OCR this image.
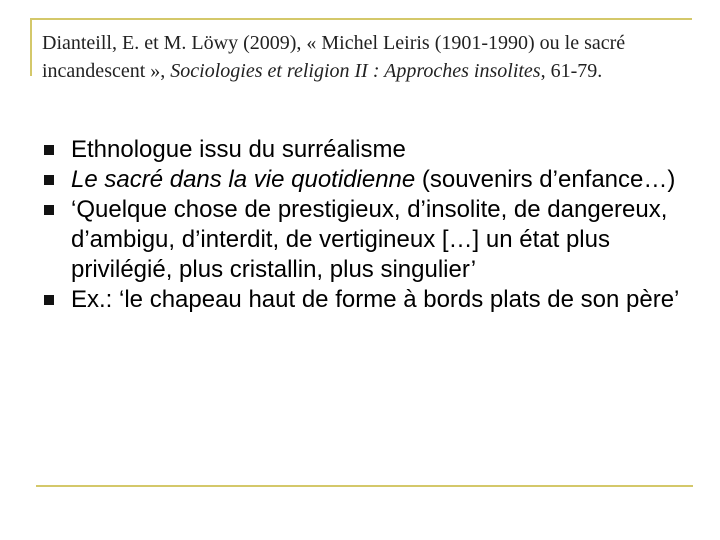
Dianteill, E. et M. Löwy (2009), « Michel Leiris (1901-1990) ou le sacré incandescent », Sociologies et religion II : Approches insolites, 61-79.
Ethnologue issu du surréalisme
Le sacré dans la vie quotidienne (souvenirs d’enfance…)
‘Quelque chose de prestigieux, d’insolite, de dangereux, d’ambigu, d’interdit, de vertigineux […] un état plus privilégié, plus cristallin, plus singulier’
Ex.: ‘le chapeau haut de forme à bords plats de son père’
